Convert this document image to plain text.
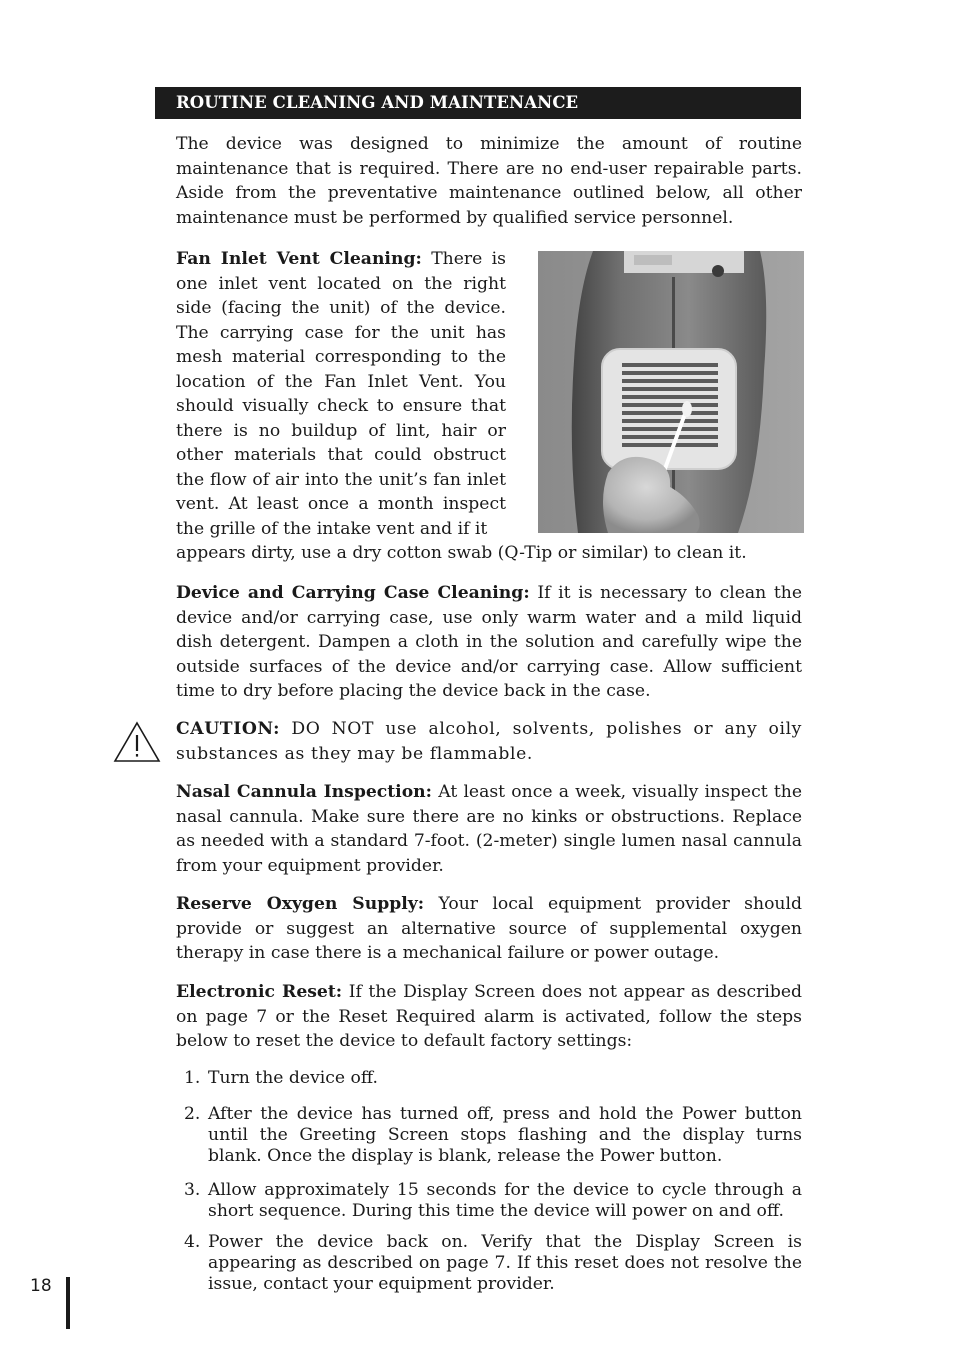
ROUTINE CLEANING AND MAINTENANCE

The device was designed to minimize the amount of routine maintenance that is required. There are no end-user repairable parts. Aside from the preventative maintenance outlined below, all other maintenance must be performed by qualified service personnel.

Fan Inlet Vent Cleaning: There is one inlet vent located on the right side (facing the unit) of the device. The carrying case for the unit has mesh material corresponding to the location of the Fan Inlet Vent. You should visually check to ensure that there is no buildup of lint, hair or other materials that could obstruct the flow of air into the unit’s fan inlet vent. At least once a month inspect the grille of the intake vent and if it

appears dirty, use a dry cotton swab (Q-Tip or similar) to clean it.

Device and Carrying Case Cleaning: If it is necessary to clean the device and/or carrying case, use only warm water and a mild liquid dish detergent. Dampen a cloth in the solution and carefully wipe the outside surfaces of the device and/or carrying case. Allow sufficient time to dry before placing the device back in the case.

CAUTION: DO NOT use alcohol, solvents, polishes or any oily substances as they may be flammable.

Nasal Cannula Inspection: At least once a week, visually inspect the nasal cannula. Make sure there are no kinks or obstructions. Replace as needed with a standard 7-foot. (2-meter) single lumen nasal cannula from your equipment provider.

Reserve Oxygen Supply: Your local equipment provider should provide or suggest an alternative source of supplemental oxygen therapy in case there is a mechanical failure or power outage.

Electronic Reset: If the Display Screen does not appear as described on page 7 or the Reset Required alarm is activated, follow the steps below to reset the device to default factory settings:

1. Turn the device off.
2. After the device has turned off, press and hold the Power button until the Greeting Screen stops flashing and the display turns blank. Once the display is blank, release the Power button.
3. Allow approximately 15 seconds for the device to cycle through a short sequence. During this time the device will power on and off.
4. Power the device back on. Verify that the Display Screen is appearing as described on page 7. If this reset does not resolve the issue, contact your equipment provider.
18
